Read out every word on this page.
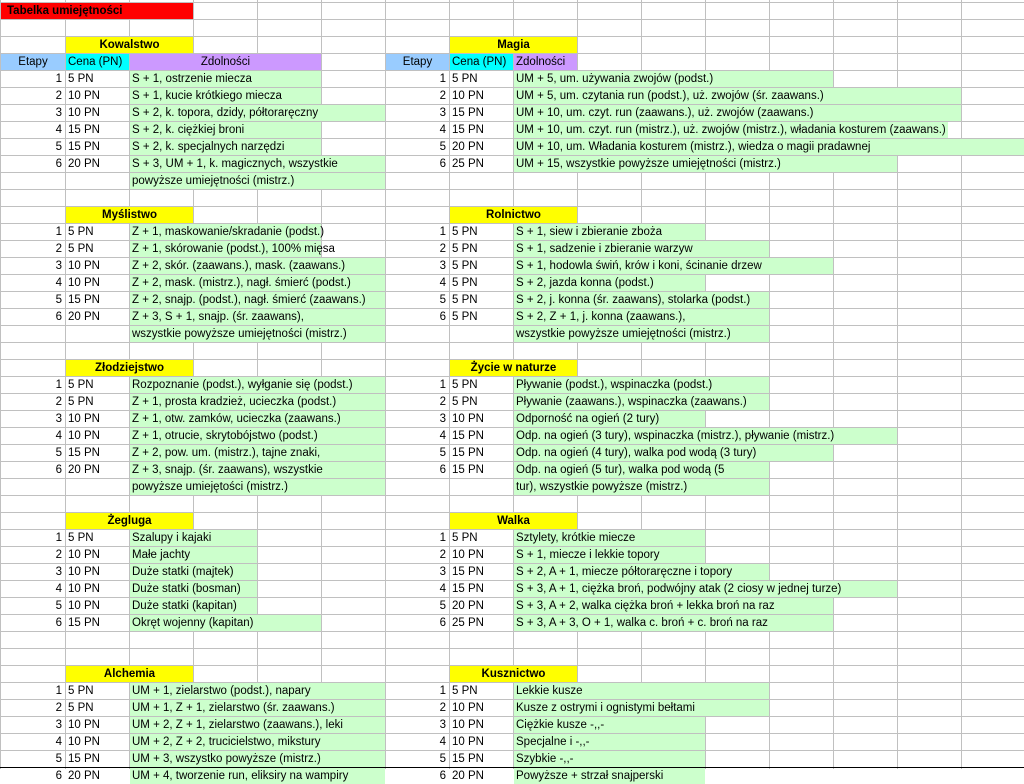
Tabelka umiejętności
Etapy	Cena (PN)	Zdolności	Etapy	Cena (PN) Zdolności
Kowalstwo
1 5 PN	S + 1, ostrzenie miecza
2 10 PN	S + 1, kucie krótkiego miecza
3 10 PN	S + 2, k. topora, dzidy, półtoraręczny
4 15 PN	S + 2, k. ciężkiej broni
5 15 PN	S + 2, k. specjalnych narzędzi
6 20 PN	S + 3, UM + 1, k. magicznych, wszystkie
powyższe umiejętności (mistrz.)
Magia
1 5 PN	UM + 5, um. używania zwojów (podst.)
2 10 PN	UM + 5, um. czytania run (podst.), uż. zwojów (śr. zaawans.)
3 15 PN	UM + 10, um. czyt. run (zaawans.), uż. zwojów (zaawans.)
4 15 PN	UM + 10, um. czyt. run (mistrz.), uż. zwojów (mistrz.), władania kosturem (zaawans.)
5 20 PN	UM + 10, um. Władania kosturem (mistrz.), wiedza o magii pradawnej
6 25 PN	UM + 15, wszystkie powyższe umiejętności (mistrz.)
Myślistwo
1 5 PN	Z + 1, maskowanie/skradanie (podst.)
2 5 PN	Z + 1, skórowanie (podst.), 100% mięsa
3 10 PN	Z + 2, skór. (zaawans.), mask. (zaawans.)
4 10 PN	Z + 2, mask. (mistrz.), nagł. śmierć (podst.)
5 15 PN	Z + 2, snajp. (podst.), nagł. śmierć (zaawans.)
6 20 PN	Z + 3, S + 1, snajp. (śr. zaawans),
wszystkie powyższe umiejętności (mistrz.)
Rolnictwo
1 5 PN	S + 1, siew i zbieranie zboża
2 5 PN	S + 1, sadzenie i zbieranie warzyw
3 5 PN	S + 1, hodowla świń, krów i koni, ścinanie drzew
4 5 PN	S + 2, jazda konna (podst.)
5 5 PN	S + 2, j. konna (śr. zaawans), stolarka (podst.)
6 5 PN	S + 2, Z + 1, j. konna (zaawans.),
wszystkie powyższe umiejętności (mistrz.)
Złodziejstwo
1 5 PN	Rozpoznanie (podst.), wyłganie się (podst.)
2 5 PN	Z + 1, prosta kradzież, ucieczka (podst.)
3 10 PN	Z + 1, otw. zamków, ucieczka (zaawans.)
4 10 PN	Z + 1, otrucie, skrytobójstwo (podst.)
5 15 PN	Z + 2, pow. um. (mistrz.), tajne znaki,
6 20 PN	Z + 3, snajp. (śr. zaawans), wszystkie
powyższe umiejętości (mistrz.)
Życie w naturze
1 5 PN	Pływanie (podst.), wspinaczka (podst.)
2 5 PN	Pływanie (zaawans.), wspinaczka (zaawans.)
3 10 PN	Odporność na ogień (2 tury)
4 15 PN	Odp. na ogień (3 tury), wspinaczka (mistrz.), pływanie (mistrz.)
5 15 PN	Odp. na ogień (4 tury), walka pod wodą (3 tury)
6 15 PN	Odp. na ogień (5 tur), walka pod wodą (5
tur), wszystkie powyższe (mistrz.)
Żegluga
1 5 PN	Szalupy i kajaki
2 10 PN	Małe jachty
3 10 PN	Duże statki (majtek)
4 10 PN	Duże statki (bosman)
5 10 PN	Duże statki (kapitan)
6 15 PN	Okręt wojenny (kapitan)
Walka
1 5 PN	Sztylety, krótkie miecze
2 10 PN	S + 1, miecze i lekkie topory
3 15 PN	S + 2, A + 1, miecze półtoraręczne i topory
4 15 PN	S + 3, A + 1, ciężka broń, podwójny atak (2 ciosy w jednej turze)
5 20 PN	S + 3, A + 2, walka ciężka broń + lekka broń na raz
6 25 PN	S + 3, A + 3, O + 1, walka c. broń + c. broń na raz
Alchemia
1 5 PN	UM + 1, zielarstwo (podst.), napary
2 5 PN	UM + 1, Z + 1, zielarstwo (śr. zaawans.)
3 10 PN	UM + 2, Z + 1, zielarstwo (zaawans.), leki
4 10 PN	UM + 2, Z + 2, trucicielstwo, mikstury
5 15 PN	UM + 3, wszystko powyższe (mistrz.)
6 20 PN	UM + 4, tworzenie run, eliksiry na wampiry
Kusznictwo
1 5 PN	Lekkie kusze
2 10 PN	Kusze z ostrymi i ognistymi bełtami
3 10 PN	Ciężkie kusze -,,-
4 10 PN	Specjalne i -,,-
5 15 PN	Szybkie -,,-
6 20 PN	Powyższe + strzał snajperski
